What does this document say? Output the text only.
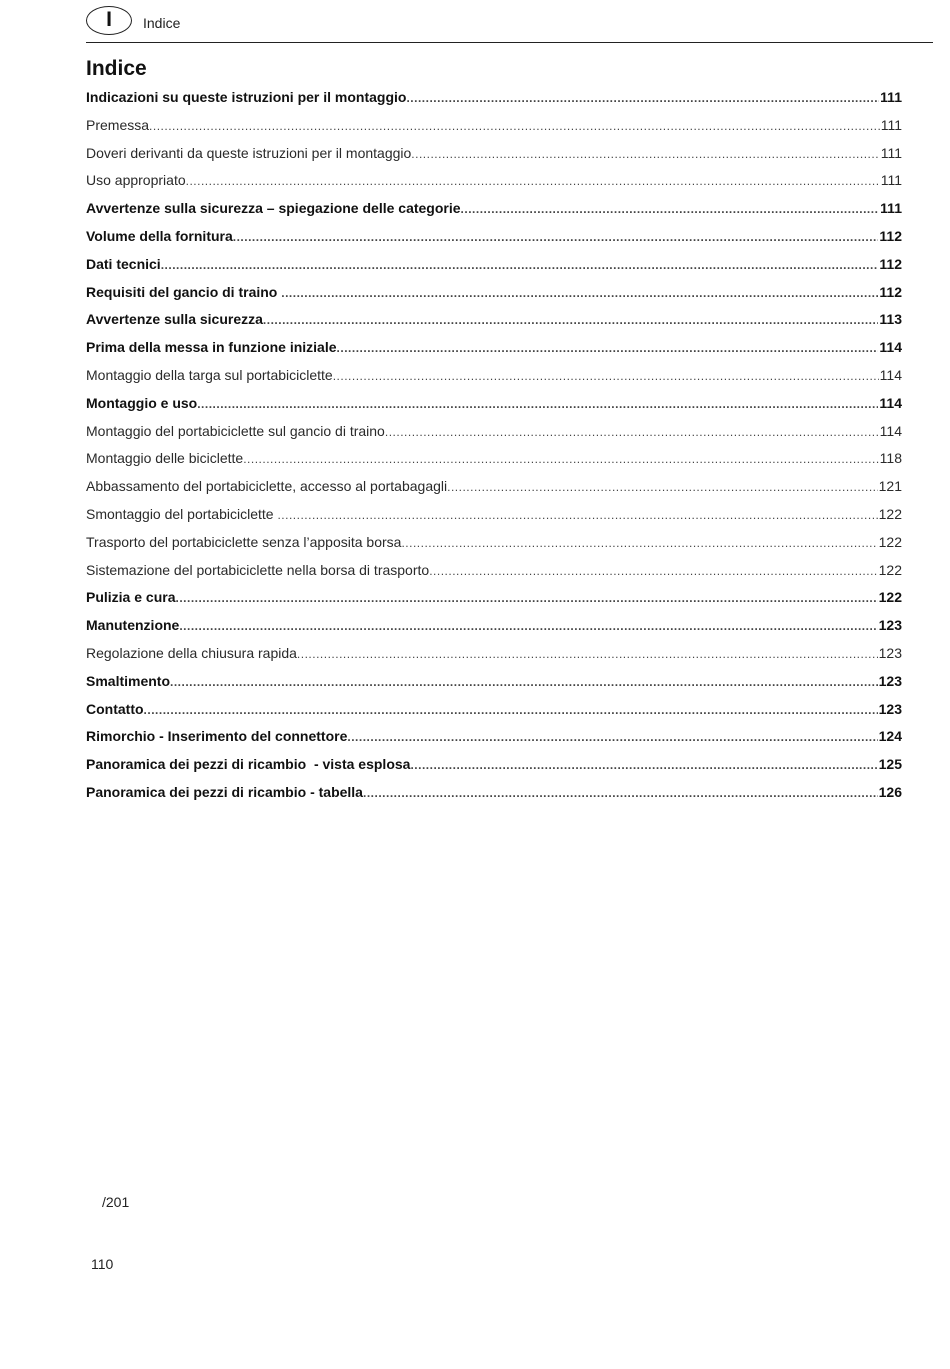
I	Indice
Indice
Indicazioni su queste istruzioni per il montaggio .....	111
Premessa .....	111
Doveri derivanti da queste istruzioni per il montaggio .....	111
Uso appropriato .....	111
Avvertenze sulla sicurezza – spiegazione delle categorie .....	111
Volume della fornitura .....	112
Dati tecnici .....	112
Requisiti del gancio di traino .....	112
Avvertenze sulla sicurezza .....	113
Prima della messa in funzione iniziale .....	114
Montaggio della targa sul portabiciclette .....	114
Montaggio e uso .....	114
Montaggio del portabiciclette sul gancio di traino .....	114
Montaggio delle biciclette .....	118
Abbassamento del portabiciclette, accesso al portabagagli .....	121
Smontaggio del portabiciclette .....	122
Trasporto del portabiciclette senza l’apposita borsa .....	122
Sistemazione del portabiciclette nella borsa di trasporto .....	122
Pulizia e cura .....	122
Manutenzione .....	123
Regolazione della chiusura rapida .....	123
Smaltimento .....	123
Contatto .....	123
Rimorchio - Inserimento del connettore .....	124
Panoramica dei pezzi di ricambio  - vista esplosa .....	125
Panoramica dei pezzi di ricambio - tabella .....	126
/201
110
